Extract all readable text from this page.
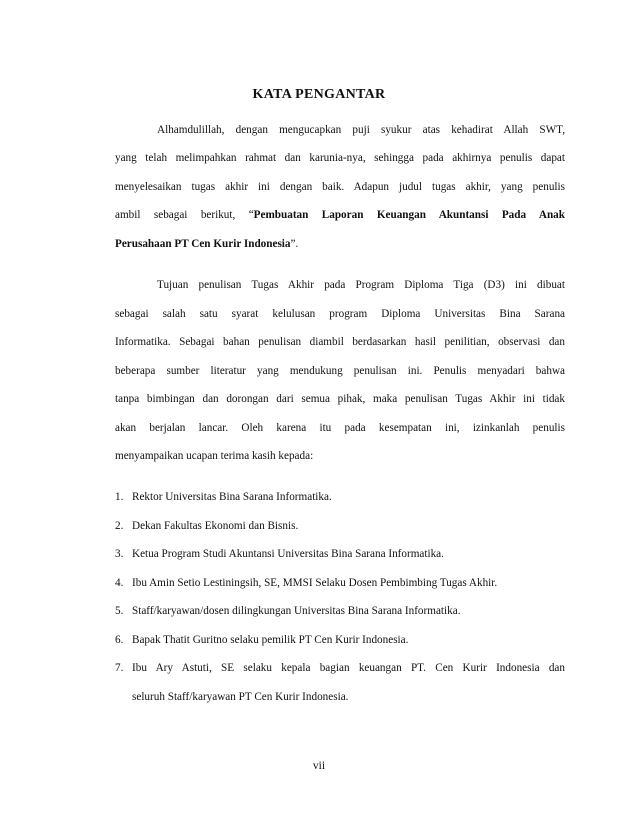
KATA PENGANTAR
Alhamdulillah, dengan mengucapkan puji syukur atas kehadirat Allah SWT,
yang telah melimpahkan rahmat dan karunia-nya, sehingga pada akhirnya penulis dapat
menyelesaikan tugas akhir ini dengan baik. Adapun judul tugas akhir, yang penulis
ambil sebagai berikut, “Pembuatan Laporan Keuangan Akuntansi Pada Anak
Perusahaan PT Cen Kurir Indonesia”.
Tujuan penulisan Tugas Akhir pada Program Diploma Tiga (D3) ini dibuat
sebagai salah satu syarat kelulusan program Diploma Universitas Bina Sarana
Informatika. Sebagai bahan penulisan diambil berdasarkan hasil penilitian, observasi dan
beberapa sumber literatur yang mendukung penulisan ini. Penulis menyadari bahwa
tanpa bimbingan dan dorongan dari semua pihak, maka penulisan Tugas Akhir ini tidak
akan berjalan lancar. Oleh karena itu pada kesempatan ini, izinkanlah penulis
menyampaikan ucapan terima kasih kepada:
1. Rektor Universitas Bina Sarana Informatika.
2. Dekan Fakultas Ekonomi dan Bisnis.
3. Ketua Program Studi Akuntansi Universitas Bina Sarana Informatika.
4. Ibu Amin Setio Lestiningsih, SE, MMSI Selaku Dosen Pembimbing Tugas Akhir.
5. Staff/karyawan/dosen dilingkungan Universitas Bina Sarana Informatika.
6. Bapak Thatit Guritno selaku pemilik PT Cen Kurir Indonesia.
7. Ibu Ary Astuti, SE selaku kepala bagian keuangan PT. Cen Kurir Indonesia dan
seluruh Staff/karyawan PT Cen Kurir Indonesia.
vii
